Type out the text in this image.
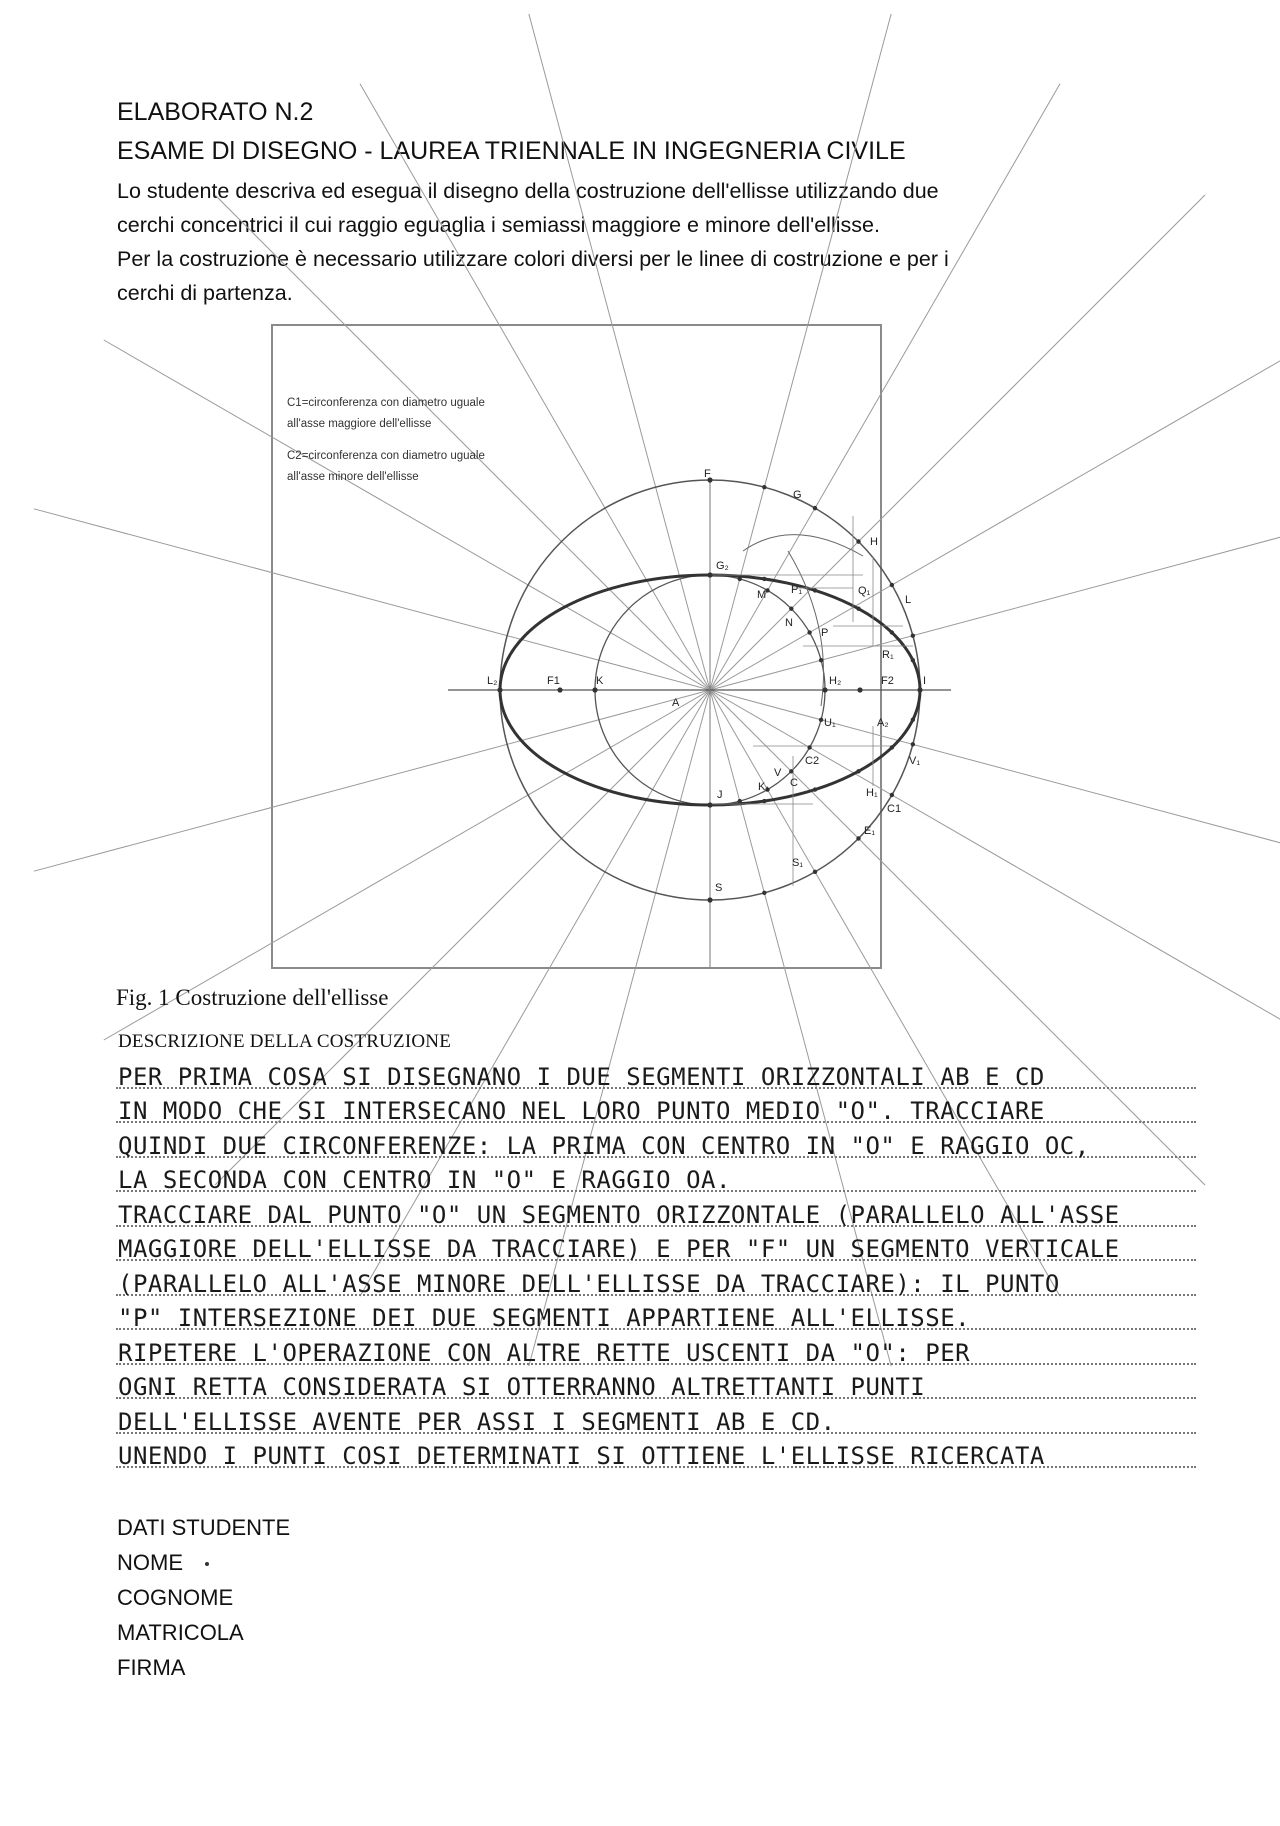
ELABORATO N.2
ESAME Dl DISEGNO - LAUREA TRIENNALE IN INGEGNERIA CIVILE
Lo studente descriva ed esegua il disegno della costruzione dell'ellisse utilizzando due
cerchi concentrici il cui raggio eguaglia i semiassi maggiore e minore dell'ellisse.
Per la costruzione è necessario utilizzare colori diversi per le linee di costruzione e per i
cerchi di partenza.
C1=circonferenza con diametro uguale
all'asse maggiore dell'ellisse
C2=circonferenza con diametro uguale
all'asse minore dell'ellisse	F
G
H
G₂
M P₁	Q₁
L
N
P
R₁
L₂	F1	K	H₂	F2	I
A
U₁	A₂
C2	V₁
V
K₁ C
J	H₁
C1
E₁
S₁
S
Fig. 1 Costruzione dell'ellisse
DESCRIZIONE DELLA COSTRUZIONE
PER PRIMA COSA SI DISEGNANO I DUE SEGMENTI ORIZZONTALI AB E CD
IN MODO CHE SI INTERSECANO NEL LORO PUNTO MEDIO "O". TRACCIARE
QUINDI DUE CIRCONFERENZE: LA PRIMA CON CENTRO IN "O" E RAGGIO OC,
LA SECONDA CON CENTRO IN "O" E RAGGIO OA.
TRACCIARE DAL PUNTO "O" UN SEGMENTO ORIZZONTALE (PARALLELO ALL'ASSE
MAGGIORE DELL'ELLISSE DA TRACCIARE) E PER "F" UN SEGMENTO VERTICALE
(PARALLELO ALL'ASSE MINORE DELL'ELLISSE DA TRACCIARE): IL PUNTO
"P" INTERSEZIONE DEI DUE SEGMENTI APPARTIENE ALL'ELLISSE.
RIPETERE L'OPERAZIONE CON ALTRE RETTE USCENTI DA "O": PER
OGNI RETTA CONSIDERATA SI OTTERRANNO ALTRETTANTI PUNTI
DELL'ELLISSE AVENTE PER ASSI I SEGMENTI AB E CD.
UNENDO I PUNTI COSI DETERMINATI SI OTTIENE L'ELLISSE RICERCATA
DATI STUDENTE
NOME
COGNOME
MATRICOLA
FIRMA
